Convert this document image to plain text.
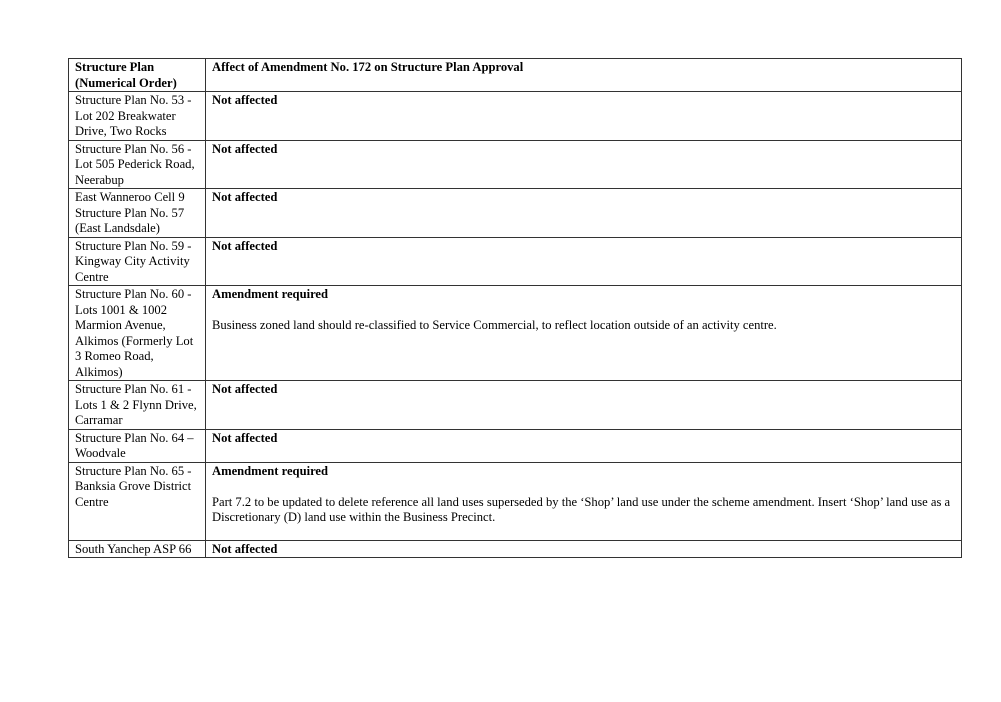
Structure Plan (Numerical Order)	Affect of Amendment No. 172 on Structure Plan Approval
Structure Plan No. 53 - Lot 202 Breakwater Drive, Two Rocks	Not affected

Structure Plan No. 56 - Lot 505 Pederick Road, Neerabup	Not affected

East Wanneroo Cell 9 Structure Plan No. 57 (East Landsdale)	Not affected

Structure Plan No. 59 - Kingway City Activity Centre	Not affected

Structure Plan No. 60 - Lots 1001 & 1002 Marmion Avenue, Alkimos (Formerly Lot 3 Romeo Road, Alkimos)	Amendment required
Business zoned land should re-classified to Service Commercial, to reflect location outside of an activity centre.

Structure Plan No. 61 - Lots 1 & 2 Flynn Drive, Carramar	Not affected

Structure Plan No. 64 – Woodvale	Not affected

Structure Plan No. 65 - Banksia Grove District Centre	Amendment required
Part 7.2 to be updated to delete reference all land uses superseded by the ‘Shop’ land use under the scheme amendment. Insert ‘Shop’ land use as a Discretionary (D) land use within the Business Precinct.

South Yanchep ASP 66	Not affected
